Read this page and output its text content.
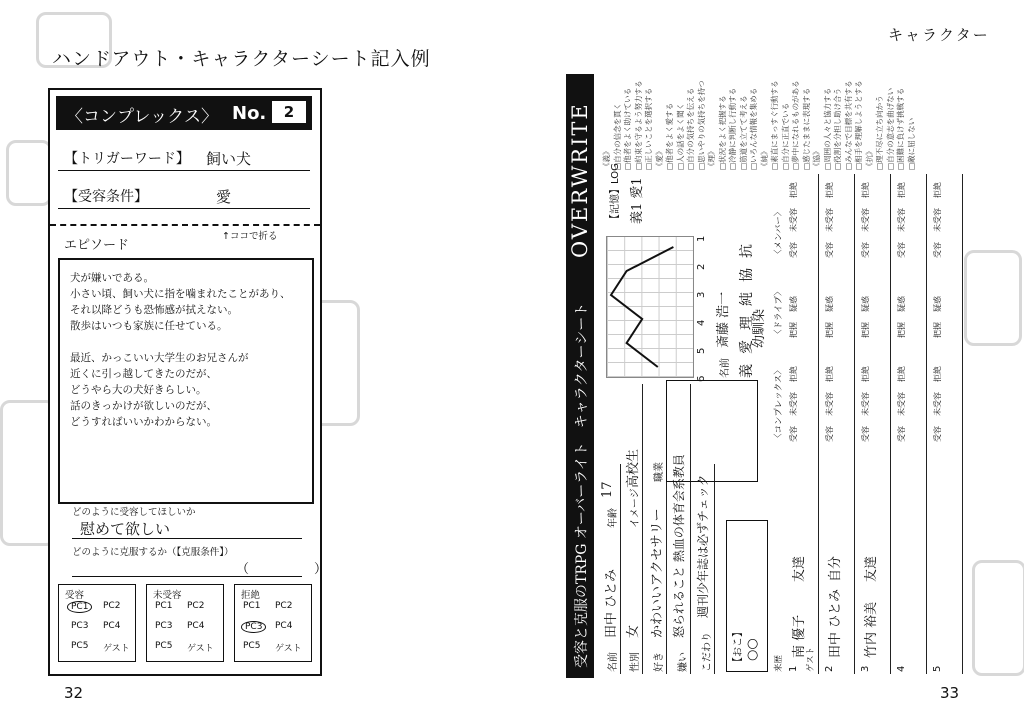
ハンドアウト・キャラクターシート記入例
キャラクター
32	33
〈コンプレックス〉 No.	2
【トリガーワード】 飼い犬
【受容条件】	愛
エピソード
↑ココで折る
犬が嫌いである。
小さい頃、飼い犬に指を噛まれたことがあり、
それ以降どうも恐怖感が拭えない。
散歩はいつも家族に任せている。

最近、かっこいい大学生のお兄さんが
近くに引っ越してきたのだが、
どうやら大の犬好きらしい。
話のきっかけが欲しいのだが、
どうすればいいかわからない。
どのように受容してほしいか
慰めて欲しい
どのように克服するか（【克服条件】）
（　　　　　）
受容
PC1	PC2
PC3 PC4
PC5 ゲスト
未受容
PC1 PC2
PC3 PC4
PC5 ゲスト
拒絶
PC1 PC2
PC3	PC4
PC5 ゲスト	受容と克服のTRPG オーバーライト　キャラクターシート
OVERWRITE
名前
田中 ひとみ
年齢
17
性別
女
イメージ
高校生
好き
かわいいアクセサリー
職業
嫌い
怒られること 熱血の体育会系教員
こだわり
週刊少年誌は必ずチェック
【おこ】 ○○
6
5
4
3
2
1
義
愛
理
純
協
抗
【記憶】LOG 義1 愛1
名前
斎藤 浩一	幼馴染
〈コンプレックス〉
〈ドライブ〉
〈メンバー〉
来歴	ゲスト
1
南 優子
友達
受容
未受容
拒絶
把握
疑惑
受容
未受容
拒絶
2
田中 ひとみ
自分
受容
未受容
拒絶
把握
疑惑
受容
未受容
拒絶
3
竹内 裕美
友達
受容
未受容
拒絶
把握
疑惑
受容
未受容
拒絶
4
受容
未受容
拒絶
把握
疑惑
受容
未受容
拒絶
5
受容
未受容
拒絶
把握
疑惑
受容
未受容
拒絶
《義》
□自分の信念を貫く
□他者をよく助けている
□約束を守るよう努力する
□正しいことを選択する
《愛》
□他者をよく愛する
□人の話をよく聞く
□自分の気持ちを伝える
□思いやりの気持ちを持つ
《理》
□状況をよく把握する
□冷静に判断し行動する
□筋道を立てて考える
□いろんな情報を集める
《純》
□素直にまっすぐ行動する
□自分に正直でいる
□夢中になれるものがある
□感じたままに表現する
《協》
□周囲の人々と協力する
□役割を分担し助け合う
□みんなで目標を共有する
□相手を理解しようとする
《抗》
□理不尽に立ち向かう
□自分の意志を曲げない
□困難に負けず挑戦する
□敵に屈しない
